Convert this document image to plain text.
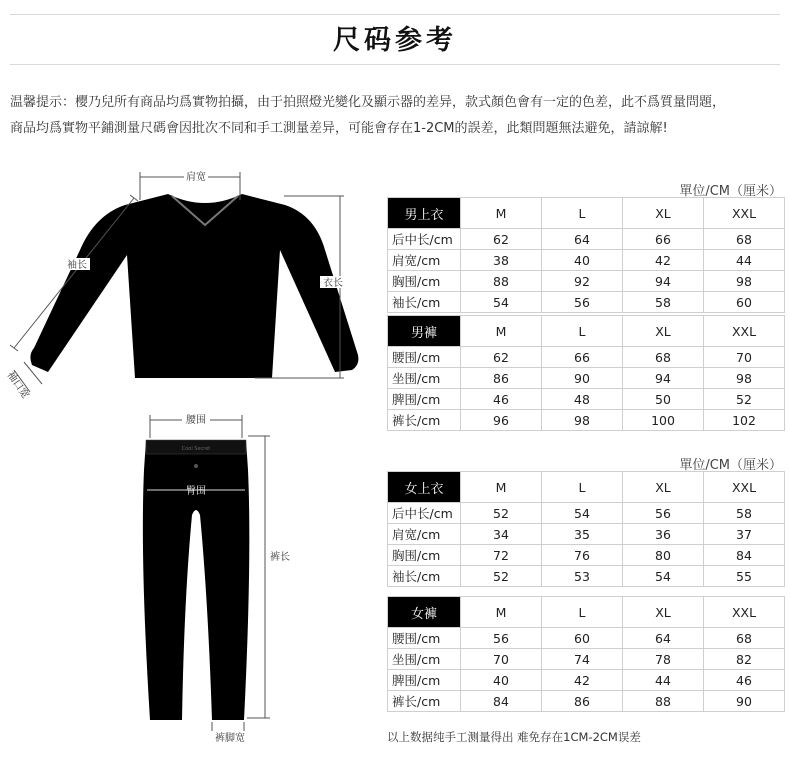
尺码参考
温馨提示：樱乃兒所有商品均爲實物拍攝，由于拍照燈光變化及顯示器的差异，款式顏色會有一定的色差，此不爲質量問題，
商品均爲實物平鋪測量尺碼會因批次不同和手工測量差异，可能會存在1-2CM的誤差，此類問題無法避免，請諒解!
肩宽
袖长
衣长
袖口宽
Cool Secret
腰围
臀围
裤长
裤脚宽
單位/CM（厘米）
單位/CM（厘米）
男上衣	M	L	XL	XXL
后中长/cm	62	64	66	68
肩宽/cm	38	40	42	44
胸围/cm	88	92	94	98
袖长/cm	54	56	58	60
男褲	M	L	XL	XXL
腰围/cm	62	66	68	70
坐围/cm	86	90	94	98
脾围/cm	46	48	50	52
裤长/cm	96	98	100	102
女上衣	M	L	XL	XXL
后中长/cm	52	54	56	58
肩宽/cm	34	35	36	37
胸围/cm	72	76	80	84
袖长/cm	52	53	54	55
女褲	M	L	XL	XXL
腰围/cm	56	60	64	68
坐围/cm	70	74	78	82
脾围/cm	40	42	44	46
裤长/cm	84	86	88	90
以上数据纯手工测量得出 难免存在1CM-2CM误差
